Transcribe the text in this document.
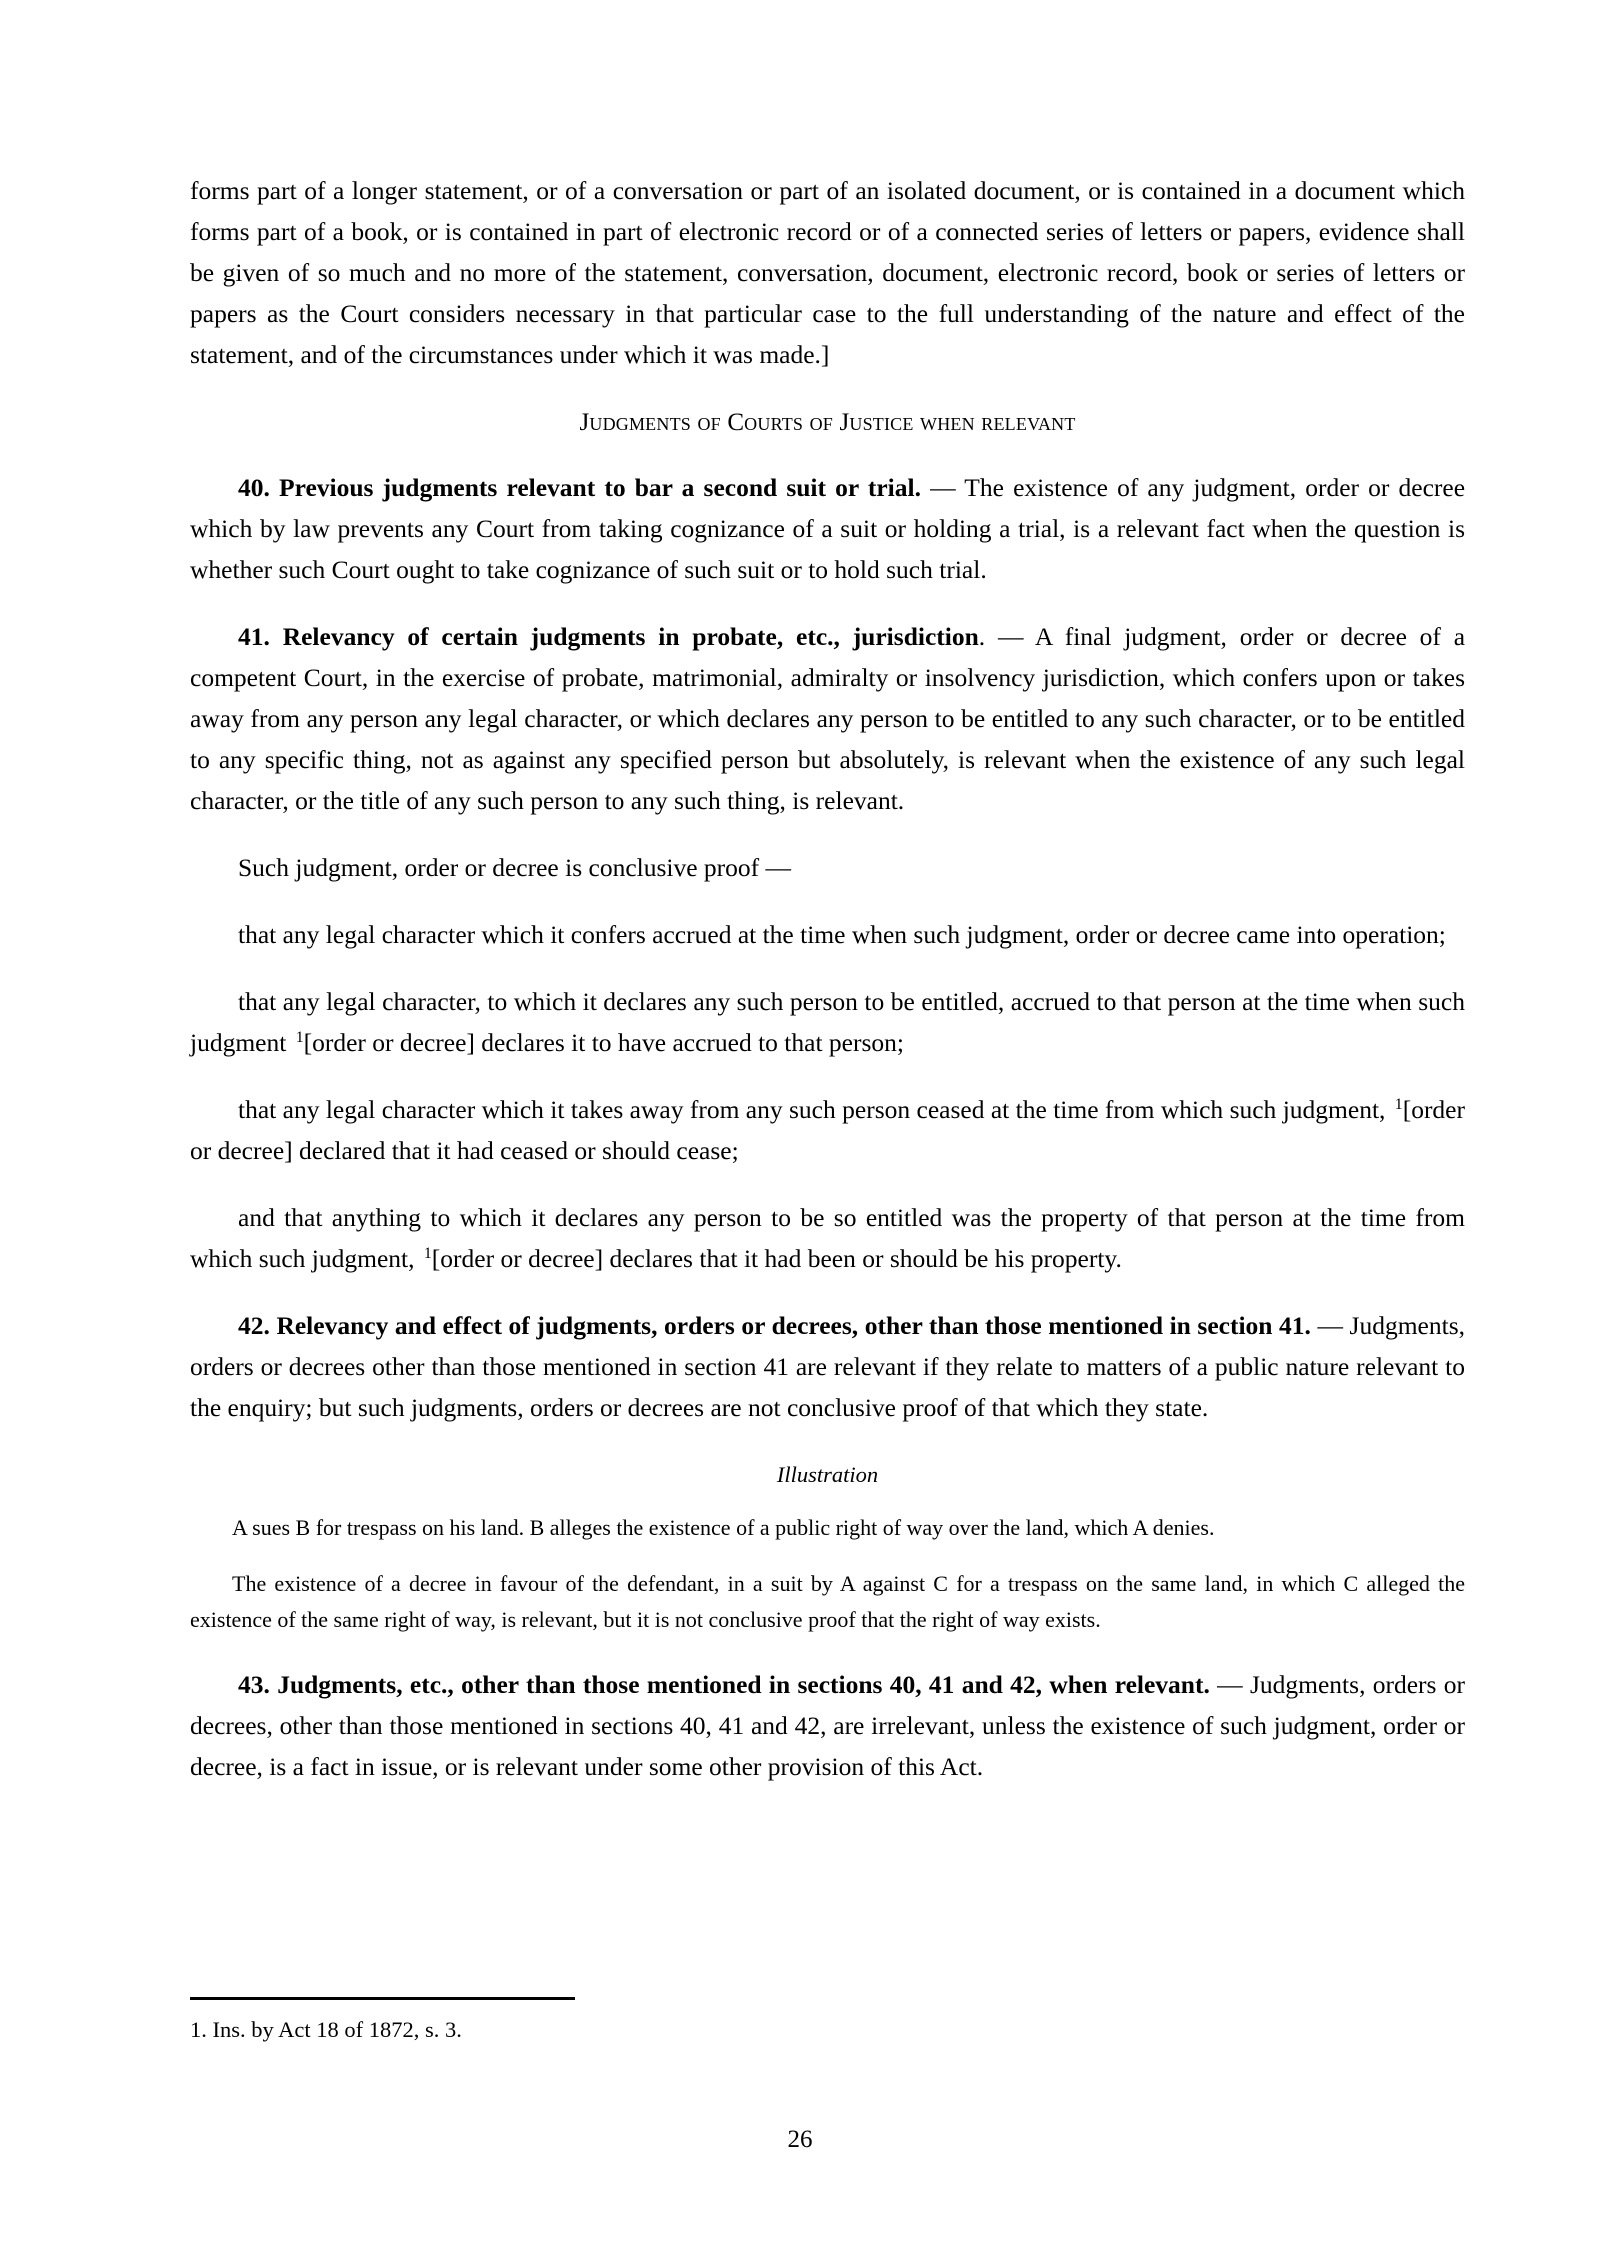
forms part of a longer statement, or of a conversation or part of an isolated document, or is contained in a document which forms part of a book, or is contained in part of electronic record or of a connected series of letters or papers, evidence shall be given of so much and no more of the statement, conversation, document, electronic record, book or series of letters or papers as the Court considers necessary in that particular case to the full understanding of the nature and effect of the statement, and of the circumstances under which it was made.]

Judgments of Courts of Justice when relevant

40. Previous judgments relevant to bar a second suit or trial. — The existence of any judgment, order or decree which by law prevents any Court from taking cognizance of a suit or holding a trial, is a relevant fact when the question is whether such Court ought to take cognizance of such suit or to hold such trial.

41. Relevancy of certain judgments in probate, etc., jurisdiction. — A final judgment, order or decree of a competent Court, in the exercise of probate, matrimonial, admiralty or insolvency jurisdiction, which confers upon or takes away from any person any legal character, or which declares any person to be entitled to any such character, or to be entitled to any specific thing, not as against any specified person but absolutely, is relevant when the existence of any such legal character, or the title of any such person to any such thing, is relevant.

Such judgment, order or decree is conclusive proof —

that any legal character which it confers accrued at the time when such judgment, order or decree came into operation;

that any legal character, to which it declares any such person to be entitled, accrued to that person at the time when such judgment $^1$[order or decree] declares it to have accrued to that person;

that any legal character which it takes away from any such person ceased at the time from which such judgment, $^1$[order or decree] declared that it had ceased or should cease;

and that anything to which it declares any person to be so entitled was the property of that person at the time from which such judgment, $^1$[order or decree] declares that it had been or should be his property.

42. Relevancy and effect of judgments, orders or decrees, other than those mentioned in section 41. — Judgments, orders or decrees other than those mentioned in section 41 are relevant if they relate to matters of a public nature relevant to the enquiry; but such judgments, orders or decrees are not conclusive proof of that which they state.

Illustration

A sues B for trespass on his land. B alleges the existence of a public right of way over the land, which A denies.

The existence of a decree in favour of the defendant, in a suit by A against C for a trespass on the same land, in which C alleged the existence of the same right of way, is relevant, but it is not conclusive proof that the right of way exists.

43. Judgments, etc., other than those mentioned in sections 40, 41 and 42, when relevant. — Judgments, orders or decrees, other than those mentioned in sections 40, 41 and 42, are irrelevant, unless the existence of such judgment, order or decree, is a fact in issue, or is relevant under some other provision of this Act.

1. Ins. by Act 18 of 1872, s. 3.

26
